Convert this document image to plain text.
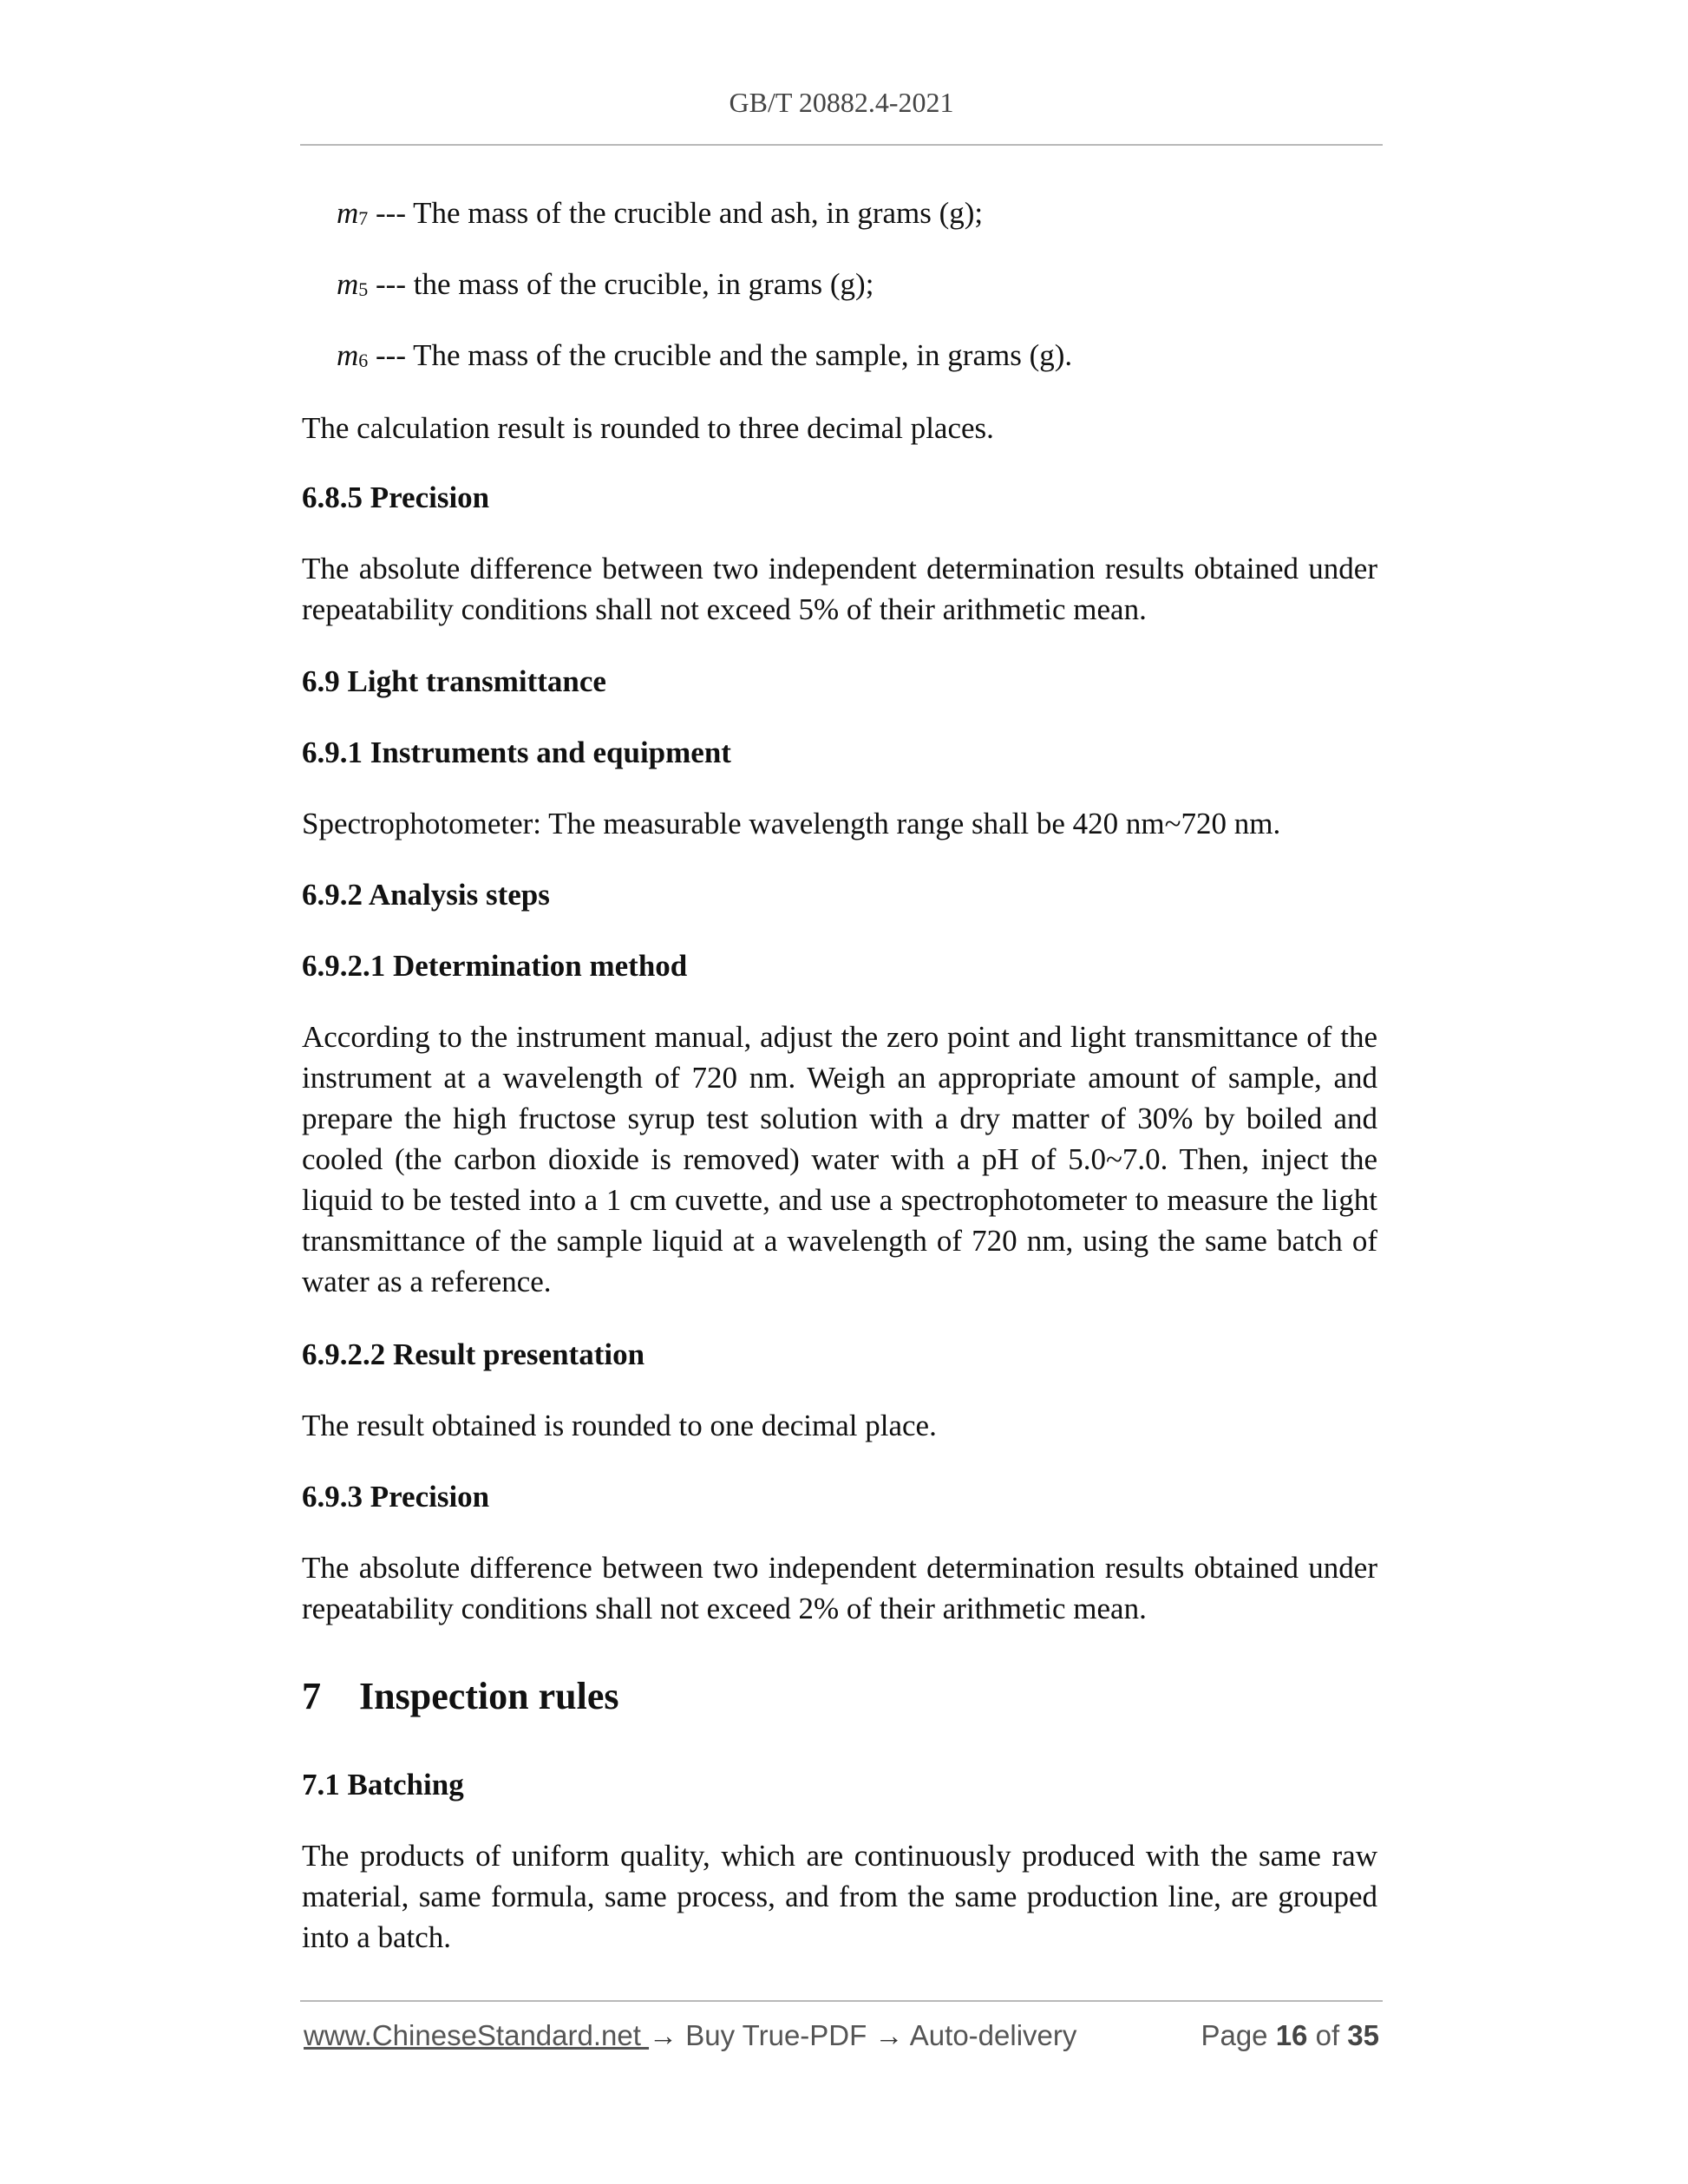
GB/T 20882.4-2021

m7 --- The mass of the crucible and ash, in grams (g);

m5 --- the mass of the crucible, in grams (g);

m6 --- The mass of the crucible and the sample, in grams (g).

The calculation result is rounded to three decimal places.

6.8.5 Precision

The absolute difference between two independent determination results obtained under repeatability conditions shall not exceed 5% of their arithmetic mean.

6.9 Light transmittance

6.9.1 Instruments and equipment

Spectrophotometer: The measurable wavelength range shall be 420 nm~720 nm.

6.9.2 Analysis steps

6.9.2.1 Determination method

According to the instrument manual, adjust the zero point and light transmittance of the instrument at a wavelength of 720 nm. Weigh an appropriate amount of sample, and prepare the high fructose syrup test solution with a dry matter of 30% by boiled and cooled (the carbon dioxide is removed) water with a pH of 5.0~7.0. Then, inject the liquid to be tested into a 1 cm cuvette, and use a spectrophotometer to measure the light transmittance of the sample liquid at a wavelength of 720 nm, using the same batch of water as a reference.

6.9.2.2 Result presentation

The result obtained is rounded to one decimal place.

6.9.3 Precision

The absolute difference between two independent determination results obtained under repeatability conditions shall not exceed 2% of their arithmetic mean.

7 Inspection rules

7.1 Batching

The products of uniform quality, which are continuously produced with the same raw material, same formula, same process, and from the same production line, are grouped into a batch.

www.ChineseStandard.net → Buy True-PDF → Auto-delivery	Page 16 of 35
